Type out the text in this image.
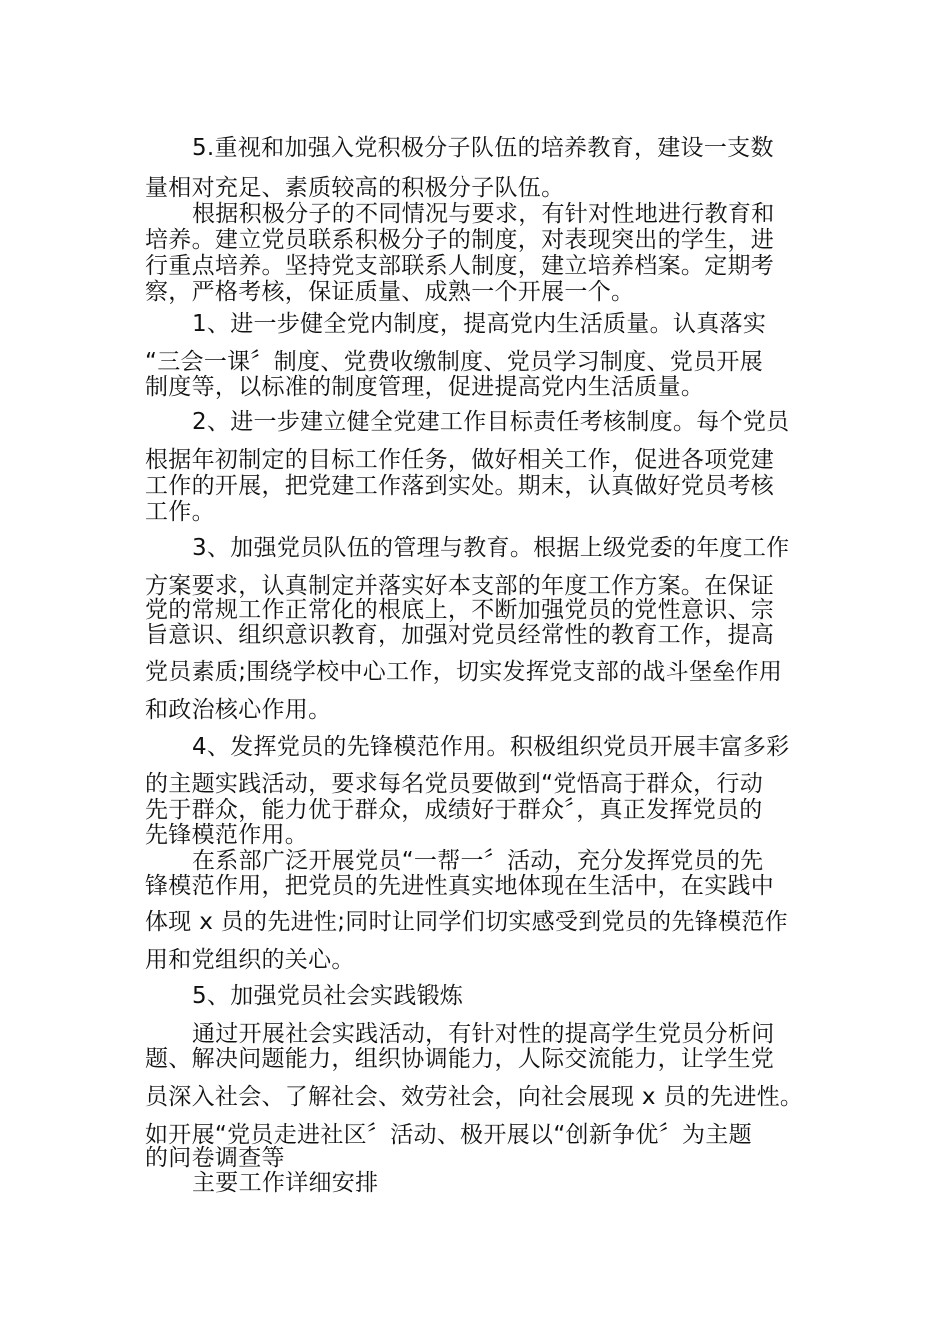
5.重视和加强入党积极分子队伍的培养教育，建设一支数

量相对充足、素质较高的积极分子队伍。

根据积极分子的不同情况与要求，有针对性地进行教育和

培养。建立党员联系积极分子的制度，对表现突出的学生，进

行重点培养。坚持党支部联系人制度，建立培养档案。定期考

察，严格考核，保证质量、成熟一个开展一个。

1、进一步健全党内制度，提高党内生活质量。认真落实

“三会一课〞制度、党费收缴制度、党员学习制度、党员开展

制度等，以标准的制度管理，促进提高党内生活质量。

2、进一步建立健全党建工作目标责任考核制度。每个党员

根据年初制定的目标工作任务，做好相关工作，促进各项党建

工作的开展，把党建工作落到实处。期末，认真做好党员考核

工作。

3、加强党员队伍的管理与教育。根据上级党委的年度工作

方案要求，认真制定并落实好本支部的年度工作方案。在保证

党的常规工作正常化的根底上，不断加强党员的党性意识、宗

旨意识、组织意识教育，加强对党员经常性的教育工作，提高

党员素质;围绕学校中心工作，切实发挥党支部的战斗堡垒作用

和政治核心作用。

4、发挥党员的先锋模范作用。积极组织党员开展丰富多彩

的主题实践活动，要求每名党员要做到“党悟高于群众，行动

先于群众，能力优于群众，成绩好于群众〞，真正发挥党员的

先锋模范作用。

在系部广泛开展党员“一帮一〞活动，充分发挥党员的先

锋模范作用，把党员的先进性真实地体现在生活中，在实践中

体现 x 员的先进性;同时让同学们切实感受到党员的先锋模范作

用和党组织的关心。

5、加强党员社会实践锻炼

通过开展社会实践活动，有针对性的提高学生党员分析问

题、解决问题能力，组织协调能力，人际交流能力，让学生党

员深入社会、了解社会、效劳社会，向社会展现 x 员的先进性。

如开展“党员走进社区〞活动、极开展以“创新争优〞为主题

的问卷调查等

主要工作详细安排
